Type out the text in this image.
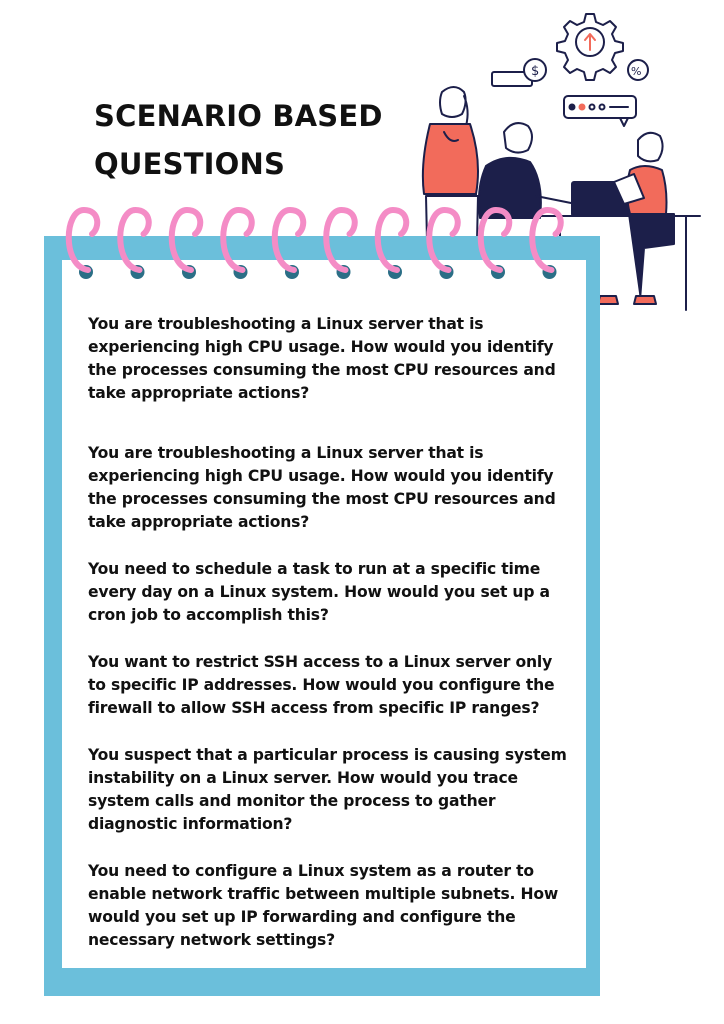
SCENARIO BASED
QUESTIONS
$	%

You are troubleshooting a Linux server that is experiencing high CPU usage. How would you identify the processes consuming the most CPU resources and take appropriate actions?

You are troubleshooting a Linux server that is experiencing high CPU usage. How would you identify the processes consuming the most CPU resources and take appropriate actions?

You need to schedule a task to run at a specific time every day on a Linux system. How would you set up a cron job to accomplish this?

You want to restrict SSH access to a Linux server only to specific IP addresses. How would you configure the firewall to allow SSH access from specific IP ranges?

You suspect that a particular process is causing system instability on a Linux server. How would you trace system calls and monitor the process to gather diagnostic information?

You need to configure a Linux system as a router to enable network traffic between multiple subnets. How would you set up IP forwarding and configure the necessary network settings?
